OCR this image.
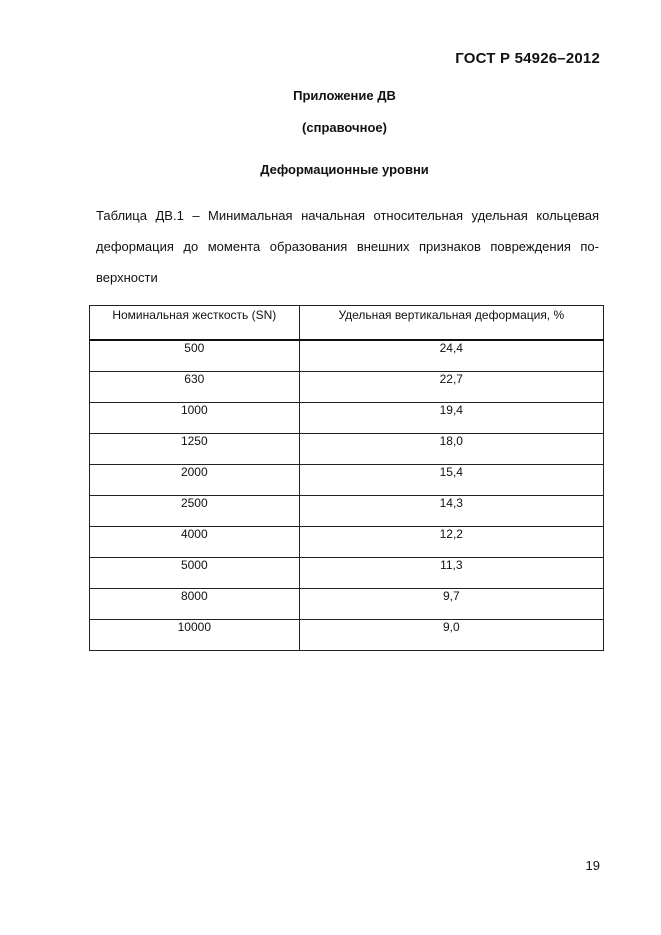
ГОСТ Р 54926–2012
Приложение ДВ
(справочное)
Деформационные уровни
Таблица ДВ.1 – Минимальная начальная относительная удельная кольцевая деформация до момента образования внешних признаков повреждения по-верхности
Номинальная жесткость (SN)	Удельная вертикальная деформация, %
500	24,4
630	22,7
1000	19,4
1250	18,0
2000	15,4
2500	14,3
4000	12,2
5000	11,3
8000	9,7
10000	9,0
19
